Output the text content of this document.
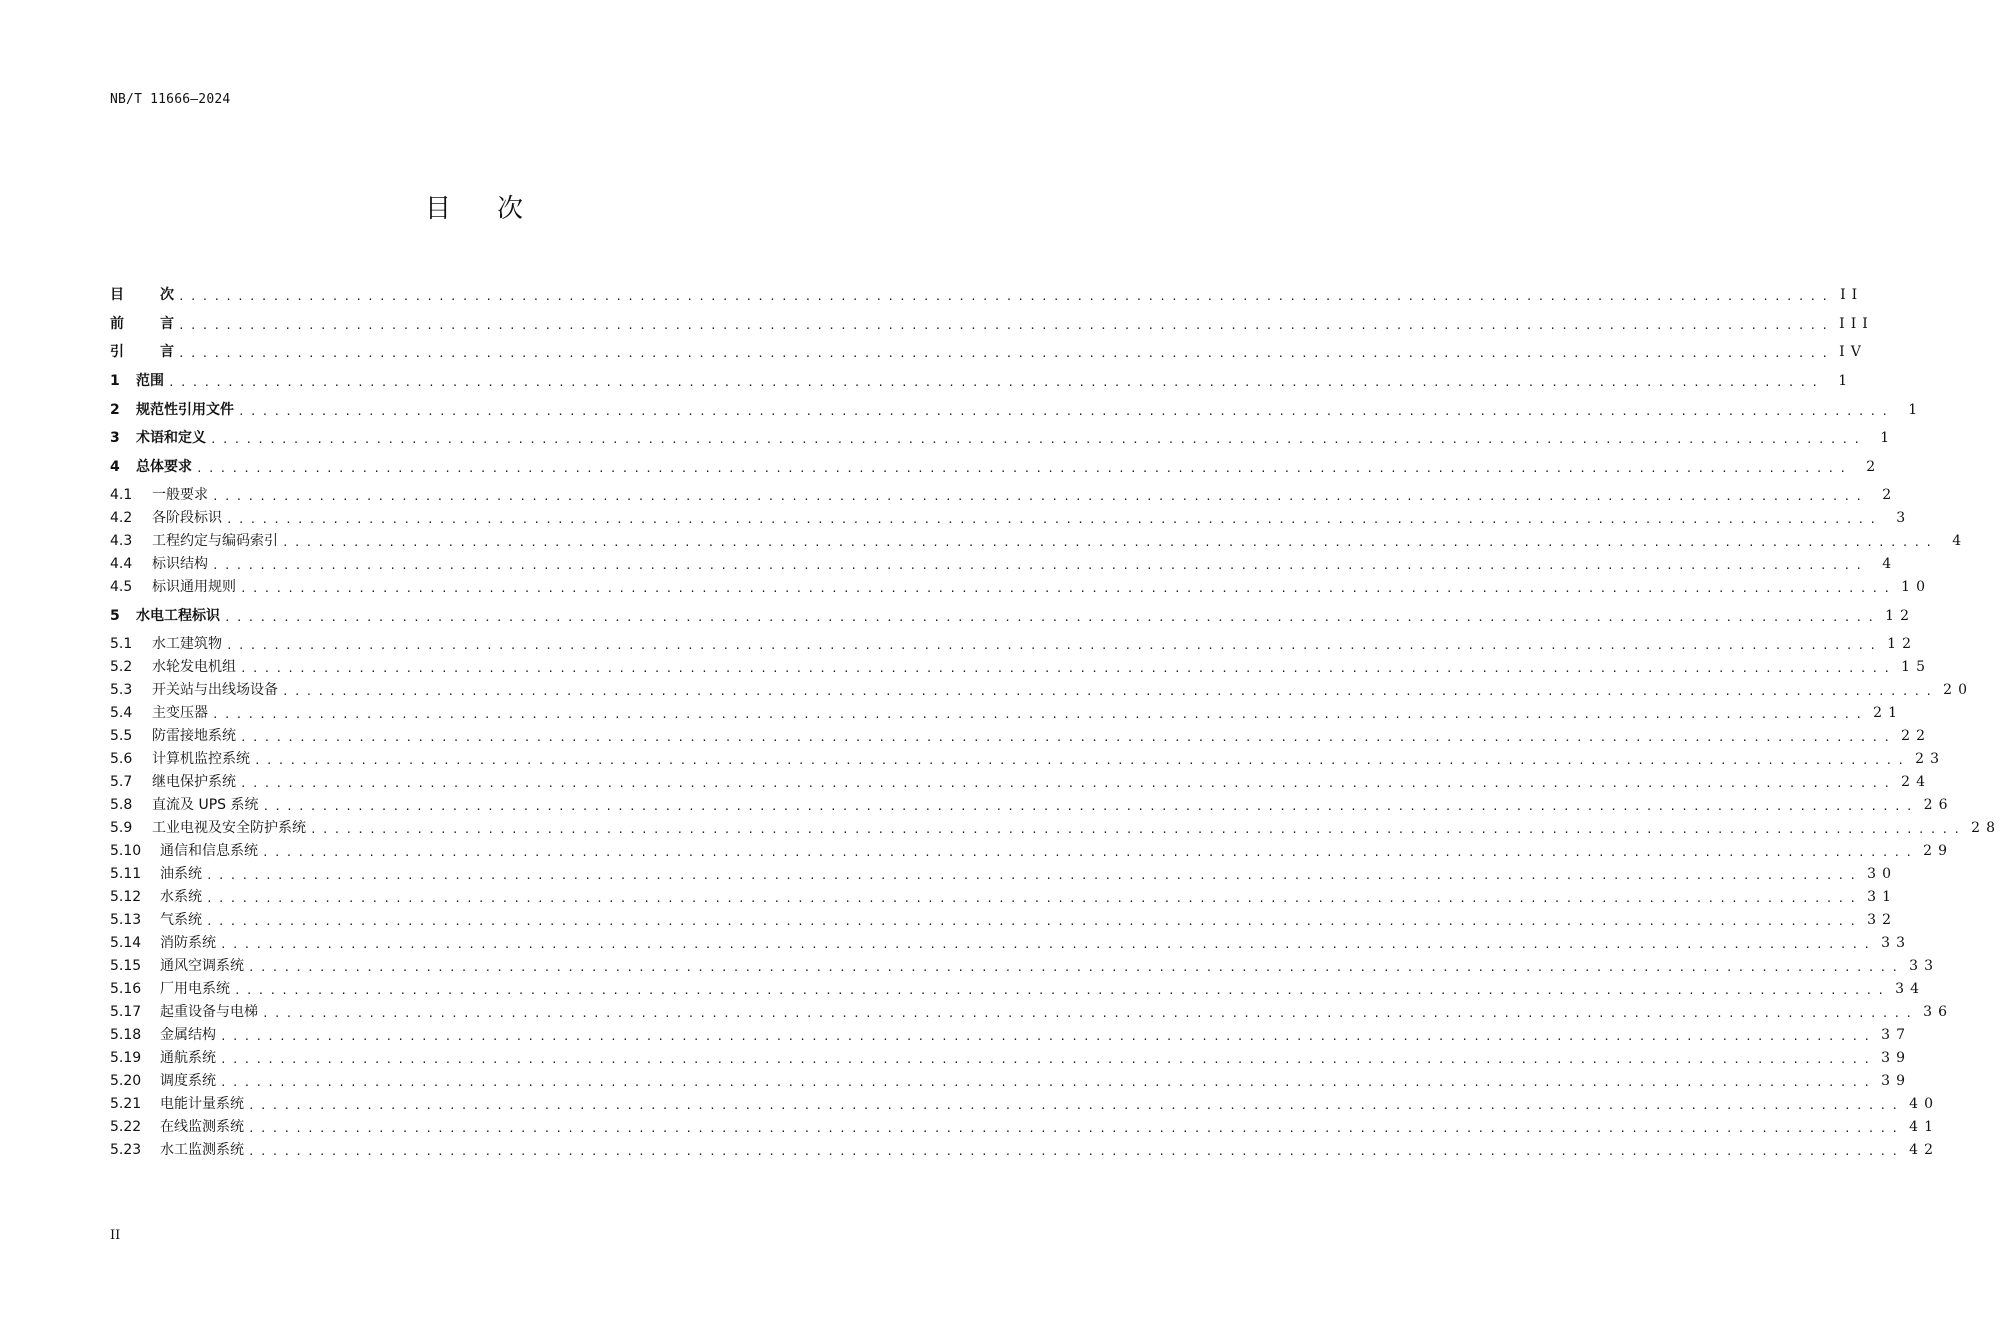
NB/T 11666—2024
目 次
目	次 ............................................................................................................................................ II
前	言 ............................................................................................................................................ III
引	言 ............................................................................................................................................ IV
1	范围 ............................................................................................................................................	1
2	规范性引用文件 ............................................................................................................................................	1
3	术语和定义 ............................................................................................................................................	1
4	总体要求 ............................................................................................................................................	2
4.1	一般要求 ............................................................................................................................................	2
4.2	各阶段标识 ............................................................................................................................................	3
4.3	工程约定与编码索引 ............................................................................................................................................	4
4.4	标识结构 ............................................................................................................................................	4
4.5	标识通用规则 ............................................................................................................................................ 10
5	水电工程标识 ............................................................................................................................................ 12
5.1	水工建筑物 ............................................................................................................................................ 12
5.2	水轮发电机组 ............................................................................................................................................ 15
5.3	开关站与出线场设备 ............................................................................................................................................ 20
5.4	主变压器 ............................................................................................................................................ 21
5.5	防雷接地系统 ............................................................................................................................................ 22
5.6	计算机监控系统 ............................................................................................................................................ 23
5.7	继电保护系统 ............................................................................................................................................ 24
5.8	直流及 UPS 系统 ............................................................................................................................................ 26
5.9	工业电视及安全防护系统 ............................................................................................................................................ 28
5.10	通信和信息系统 ............................................................................................................................................ 29
5.11	油系统 ............................................................................................................................................ 30
5.12	水系统 ............................................................................................................................................ 31
5.13	气系统 ............................................................................................................................................ 32
5.14	消防系统 ............................................................................................................................................ 33
5.15	通风空调系统 ............................................................................................................................................ 33
5.16	厂用电系统 ............................................................................................................................................ 34
5.17	起重设备与电梯 ............................................................................................................................................ 36
5.18	金属结构 ............................................................................................................................................ 37
5.19	通航系统 ............................................................................................................................................ 39
5.20	调度系统 ............................................................................................................................................ 39
5.21	电能计量系统 ............................................................................................................................................ 40
5.22	在线监测系统 ............................................................................................................................................ 41
5.23	水工监测系统 ............................................................................................................................................ 42
II
